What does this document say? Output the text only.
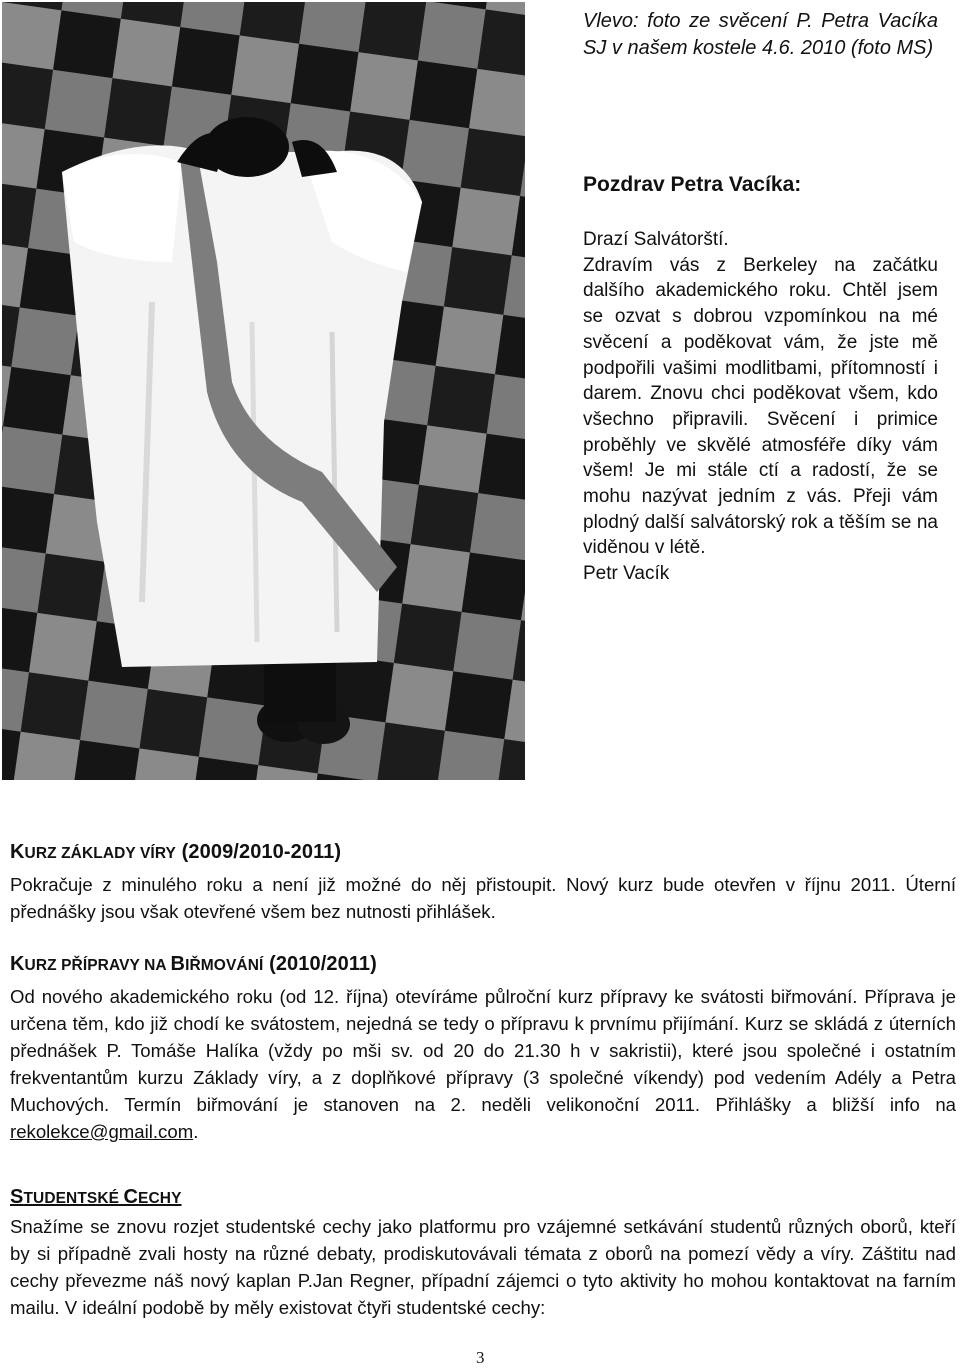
Vlevo: foto ze svěcení P. Petra Vacíka SJ v našem kostele 4.6. 2010 (foto MS)
Pozdrav Petra Vacíka:

Drazí Salvátorští.

Zdravím vás z Berkeley na začátku dalšího akademického roku. Chtěl jsem se ozvat s dobrou vzpomínkou na mé svěcení a poděkovat vám, že jste mě podpořili vašimi modlitbami, přítomností i darem. Znovu chci poděkovat všem, kdo všechno připravili. Svěcení i primice proběhly ve skvělé atmosféře díky vám všem! Je mi stále ctí a radostí, že se mohu nazývat jedním z vás. Přeji vám plodný další salvátorský rok a těším se na viděnou v létě.

Petr Vacík

KURZ ZÁKLADY VÍRY (2009/2010-2011)

Pokračuje z minulého roku a není již možné do něj přistoupit. Nový kurz bude otevřen v říjnu 2011. Úterní přednášky jsou však otevřené všem bez nutnosti přihlášek.

KURZ PŘÍPRAVY NA BIŘMOVÁNÍ (2010/2011)

Od nového akademického roku (od 12. října) otevíráme půlroční kurz přípravy ke svátosti biřmování. Příprava je určena těm, kdo již chodí ke svátostem, nejedná se tedy o přípravu k prvnímu přijímání. Kurz se skládá z úterních přednášek P. Tomáše Halíka (vždy po mši sv. od 20 do 21.30 h v sakristii), které jsou společné i ostatním frekventantům kurzu Základy víry, a z doplňkové přípravy (3 společné víkendy) pod vedením Adély a Petra Muchových. Termín biřmování je stanoven na 2. neděli velikonoční 2011. Přihlášky a bližší info na rekolekce@gmail.com.

STUDENTSKÉ CECHY

Snažíme se znovu rozjet studentské cechy jako platformu pro vzájemné setkávání studentů různých oborů, kteří by si případně zvali hosty na různé debaty, prodiskutovávali témata z oborů na pomezí vědy a víry. Záštitu nad cechy převezme náš nový kaplan P.Jan Regner, případní zájemci o tyto aktivity ho mohou kontaktovat na farním mailu. V ideální podobě by měly existovat čtyři studentské cechy:

3
